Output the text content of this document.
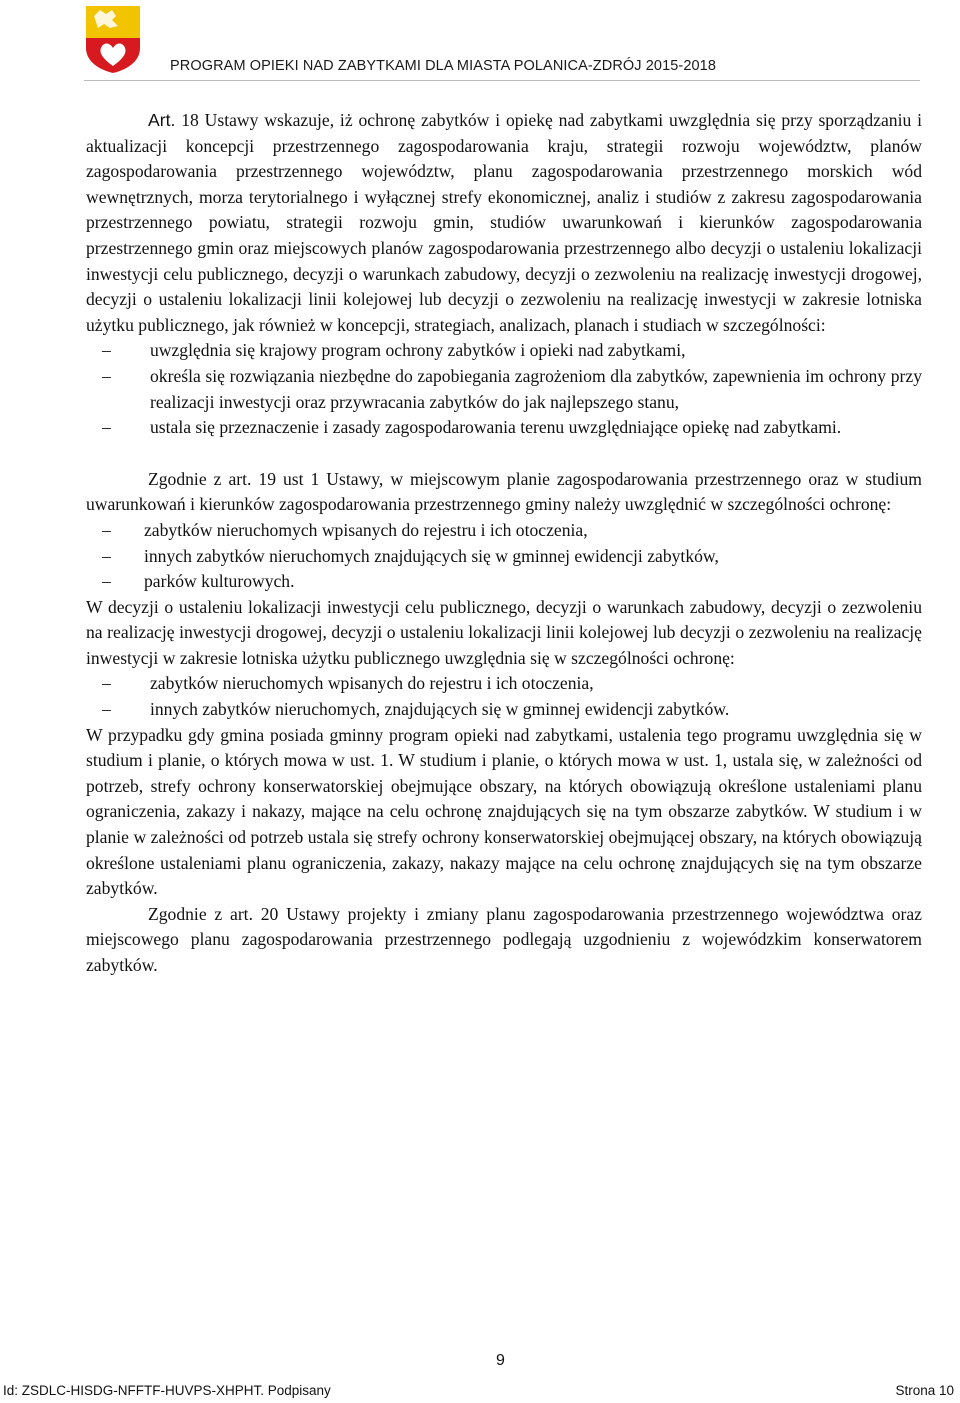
PROGRAM OPIEKI NAD ZABYTKAMI DLA MIASTA POLANICA-ZDRÓJ 2015-2018

Art. 18 Ustawy wskazuje, iż ochronę zabytków i opiekę nad zabytkami uwzględnia się przy sporządzaniu i aktualizacji koncepcji przestrzennego zagospodarowania kraju, strategii rozwoju województw, planów zagospodarowania przestrzennego województw, planu zagospodarowania przestrzennego morskich wód wewnętrznych, morza terytorialnego i wyłącznej strefy ekonomicznej, analiz i studiów z zakresu zagospodarowania przestrzennego powiatu, strategii rozwoju gmin, studiów uwarunkowań i kierunków zagospodarowania przestrzennego gmin oraz miejscowych planów zagospodarowania przestrzennego albo decyzji o ustaleniu lokalizacji inwestycji celu publicznego, decyzji o warunkach zabudowy, decyzji o zezwoleniu na realizację inwestycji drogowej, decyzji o ustaleniu lokalizacji linii kolejowej lub decyzji o zezwoleniu na realizację inwestycji w zakresie lotniska użytku publicznego, jak również w koncepcji, strategiach, analizach, planach i studiach w szczególności:

– uwzględnia się krajowy program ochrony zabytków i opieki nad zabytkami,
– określa się rozwiązania niezbędne do zapobiegania zagrożeniom dla zabytków, zapewnienia im ochrony przy realizacji inwestycji oraz przywracania zabytków do jak najlepszego stanu,
– ustala się przeznaczenie i zasady zagospodarowania terenu uwzględniające opiekę nad zabytkami.

Zgodnie z art. 19 ust 1 Ustawy, w miejscowym planie zagospodarowania przestrzennego oraz w studium uwarunkowań i kierunków zagospodarowania przestrzennego gminy należy uwzględnić w szczególności ochronę:

– zabytków nieruchomych wpisanych do rejestru i ich otoczenia,
– innych zabytków nieruchomych znajdujących się w gminnej ewidencji zabytków,
– parków kulturowych.

W decyzji o ustaleniu lokalizacji inwestycji celu publicznego, decyzji o warunkach zabudowy, decyzji o zezwoleniu na realizację inwestycji drogowej, decyzji o ustaleniu lokalizacji linii kolejowej lub decyzji o zezwoleniu na realizację inwestycji w zakresie lotniska użytku publicznego uwzględnia się w szczególności ochronę:

– zabytków nieruchomych wpisanych do rejestru i ich otoczenia,
– innych zabytków nieruchomych, znajdujących się w gminnej ewidencji zabytków.

W przypadku gdy gmina posiada gminny program opieki nad zabytkami, ustalenia tego programu uwzględnia się w studium i planie, o których mowa w ust. 1. W studium i planie, o których mowa w ust. 1, ustala się, w zależności od potrzeb, strefy ochrony konserwatorskiej obejmujące obszary, na których obowiązują określone ustaleniami planu ograniczenia, zakazy i nakazy, mające na celu ochronę znajdujących się na tym obszarze zabytków. W studium i w planie w zależności od potrzeb ustala się strefy ochrony konserwatorskiej obejmującej obszary, na których obowiązują określone ustaleniami planu ograniczenia, zakazy, nakazy mające na celu ochronę znajdujących się na tym obszarze zabytków.

Zgodnie z art. 20 Ustawy projekty i zmiany planu zagospodarowania przestrzennego województwa oraz miejscowego planu zagospodarowania przestrzennego podlegają uzgodnieniu z wojewódzkim konserwatorem zabytków.

9
Id: ZSDLC-HISDG-NFFTF-HUVPS-XHPHT. Podpisany	Strona 10
